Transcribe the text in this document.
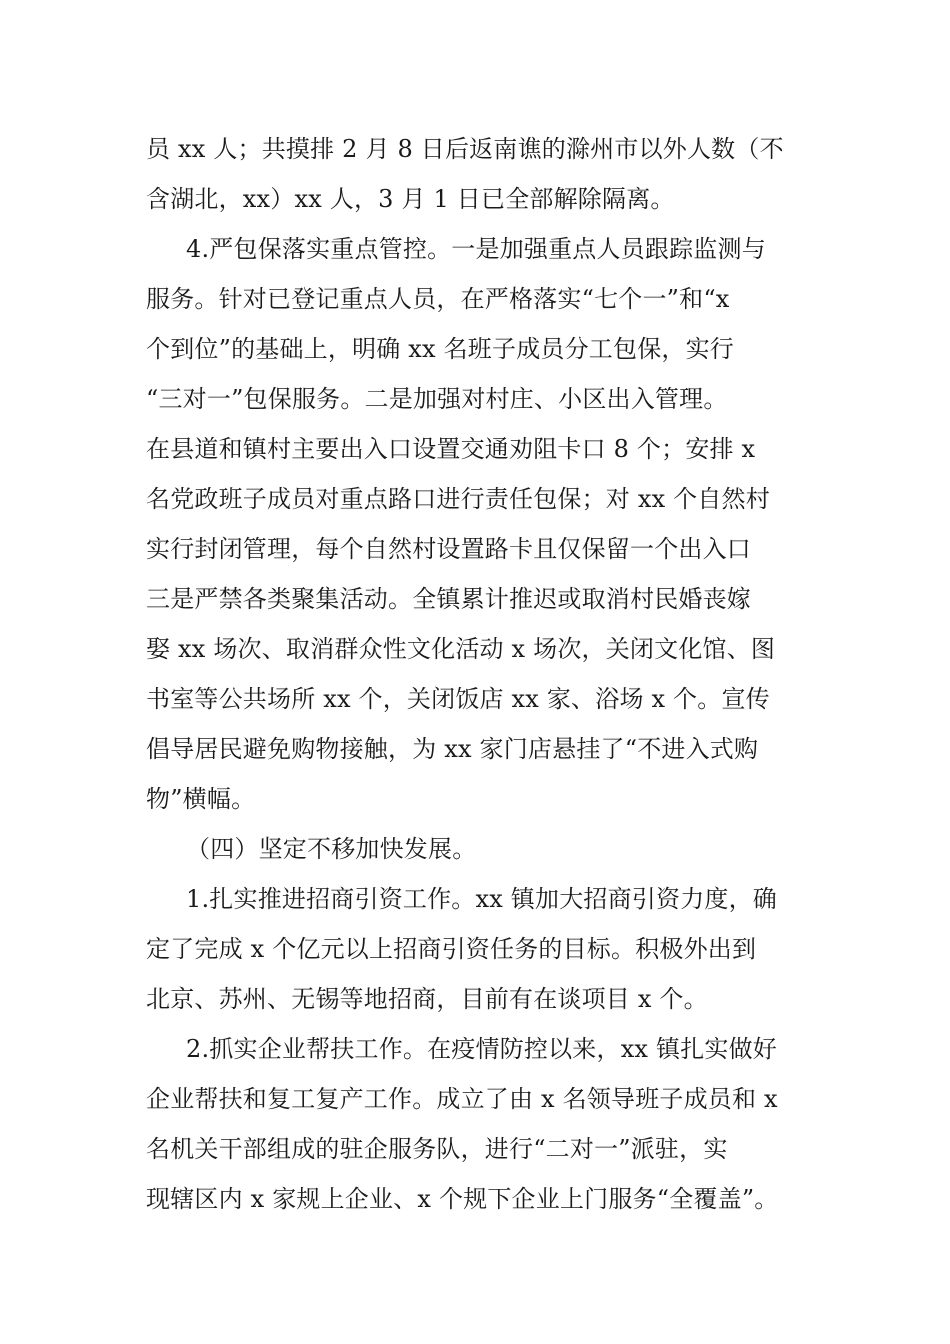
员 xx 人；共摸排 2 月 8 日后返南谯的滁州市以外人数（不
含湖北，xx）xx 人，3 月 1 日已全部解除隔离。
4.严包保落实重点管控。一是加强重点人员跟踪监测与
服务。针对已登记重点人员，在严格落实“七个一”和“x
个到位”的基础上，明确 xx 名班子成员分工包保，实行
“三对一”包保服务。二是加强对村庄、小区出入管理。
在县道和镇村主要出入口设置交通劝阻卡口 8 个；安排 x
名党政班子成员对重点路口进行责任包保；对 xx 个自然村
实行封闭管理，每个自然村设置路卡且仅保留一个出入口
三是严禁各类聚集活动。全镇累计推迟或取消村民婚丧嫁
娶 xx 场次、取消群众性文化活动 x 场次，关闭文化馆、图
书室等公共场所 xx 个，关闭饭店 xx 家、浴场 x 个。宣传
倡导居民避免购物接触，为 xx 家门店悬挂了“不进入式购
物”横幅。
（四）坚定不移加快发展。
1.扎实推进招商引资工作。xx 镇加大招商引资力度，确
定了完成 x 个亿元以上招商引资任务的目标。积极外出到
北京、苏州、无锡等地招商，目前有在谈项目 x 个。
2.抓实企业帮扶工作。在疫情防控以来，xx 镇扎实做好
企业帮扶和复工复产工作。成立了由 x 名领导班子成员和 x
名机关干部组成的驻企服务队，进行“二对一”派驻，实
现辖区内 x 家规上企业、x 个规下企业上门服务“全覆盖”。
